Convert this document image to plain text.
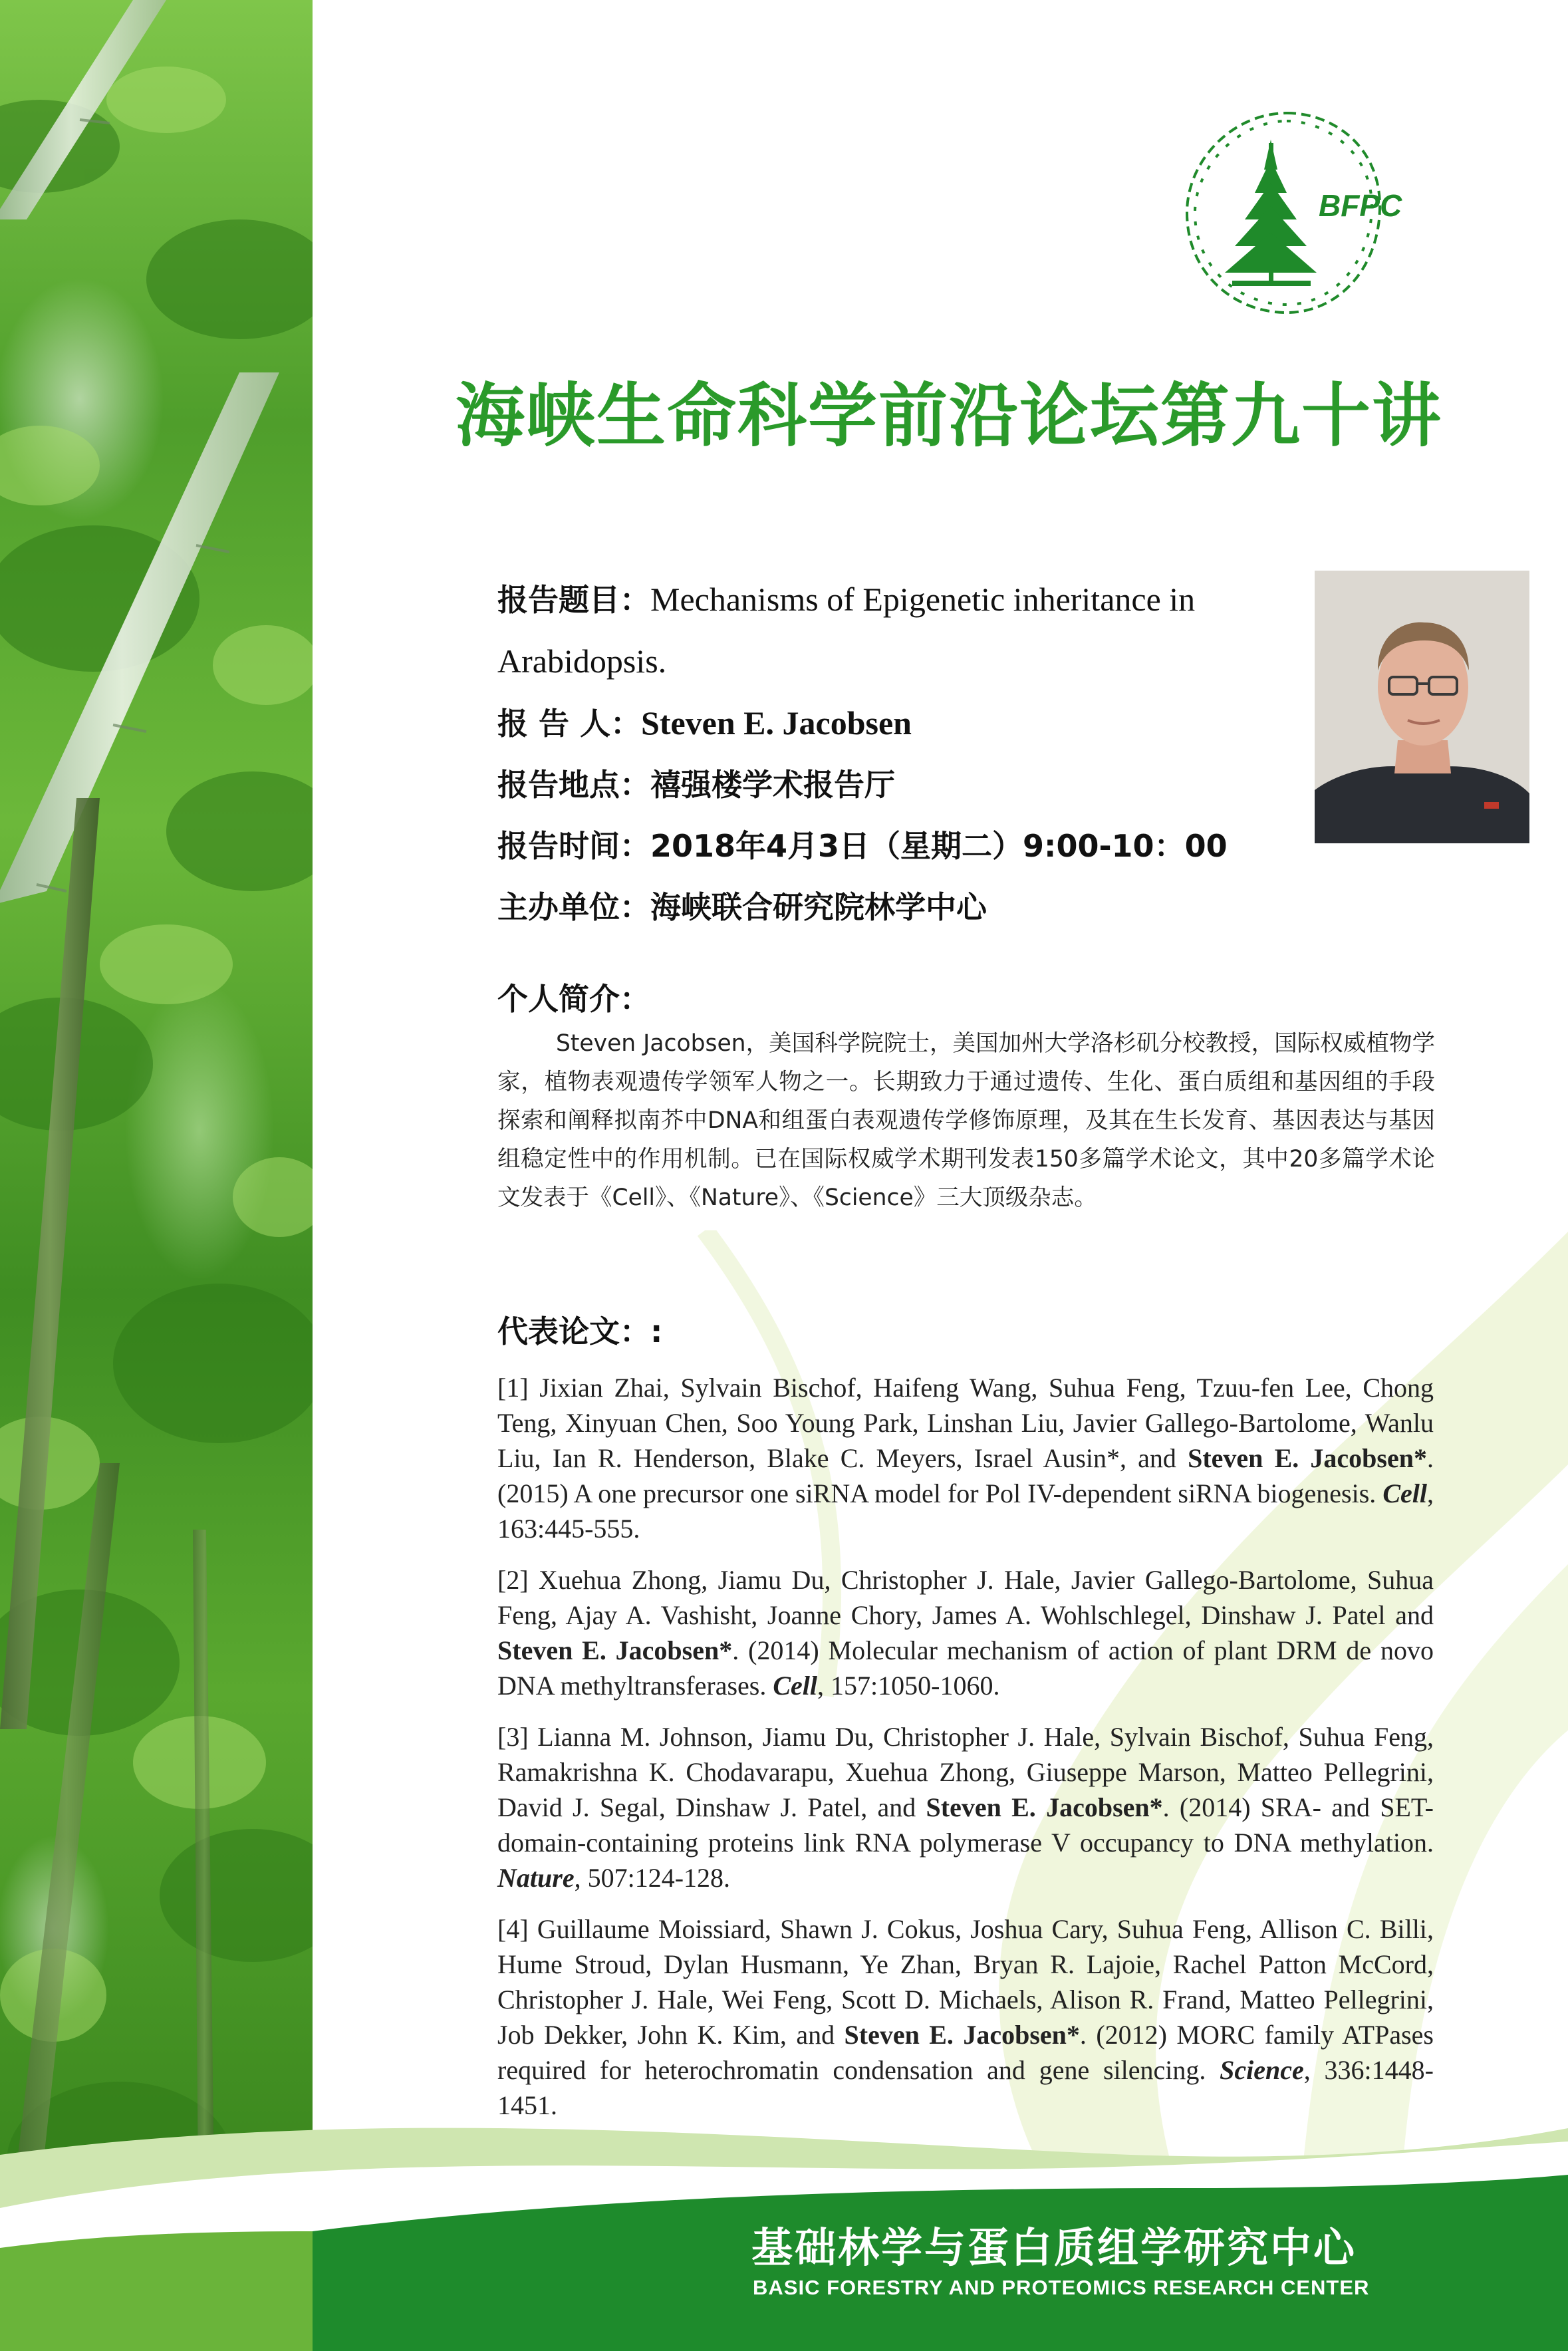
BFPC
海峡生命科学前沿论坛第九十讲
报告题目：Mechanisms of Epigenetic inheritance in
Arabidopsis.
报 告 人：Steven E. Jacobsen
报告地点：禧强楼学术报告厅
报告时间：2018年4月3日（星期二）9:00-10：00
主办单位：海峡联合研究院林学中心
个人简介：
Steven Jacobsen，美国科学院院士，美国加州大学洛杉矶分校教授，国际权威植物学家，植物表观遗传学领军人物之一。长期致力于通过遗传、生化、蛋白质组和基因组的手段探索和阐释拟南芥中DNA和组蛋白表观遗传学修饰原理，及其在生长发育、基因表达与基因组稳定性中的作用机制。已在国际权威学术期刊发表150多篇学术论文，其中20多篇学术论文发表于《Cell》、《Nature》、《Science》三大顶级杂志。
代表论文：:
[1] Jixian Zhai, Sylvain Bischof, Haifeng Wang, Suhua Feng, Tzuu-fen Lee, Chong Teng, Xinyuan Chen, Soo Young Park, Linshan Liu, Javier Gallego-Bartolome, Wanlu Liu, Ian R. Henderson, Blake C. Meyers, Israel Ausin*, and Steven E. Jacobsen*. (2015) A one precursor one siRNA model for Pol IV-dependent siRNA biogenesis. Cell, 163:445-555.
[2] Xuehua Zhong, Jiamu Du, Christopher J. Hale, Javier Gallego-Bartolome, Suhua Feng, Ajay A. Vashisht, Joanne Chory, James A. Wohlschlegel, Dinshaw J. Patel and Steven E. Jacobsen*. (2014) Molecular mechanism of action of plant DRM de novo DNA methyltransferases. Cell, 157:1050-1060.
[3] Lianna M. Johnson, Jiamu Du, Christopher J. Hale, Sylvain Bischof, Suhua Feng, Ramakrishna K. Chodavarapu, Xuehua Zhong, Giuseppe Marson, Matteo Pellegrini, David J. Segal, Dinshaw J. Patel, and Steven E. Jacobsen*. (2014) SRA- and SET-domain-containing proteins link RNA polymerase V occupancy to DNA methylation. Nature, 507:124-128.
[4] Guillaume Moissiard, Shawn J. Cokus, Joshua Cary, Suhua Feng, Allison C. Billi, Hume Stroud, Dylan Husmann, Ye Zhan, Bryan R. Lajoie, Rachel Patton McCord, Christopher J. Hale, Wei Feng, Scott D. Michaels, Alison R. Frand, Matteo Pellegrini, Job Dekker, John K. Kim, and Steven E. Jacobsen*. (2012) MORC family ATPases required for heterochromatin condensation and gene silencing. Science, 336:1448-1451.
基础林学与蛋白质组学研究中心
BASIC FORESTRY AND PROTEOMICS RESEARCH CENTER
